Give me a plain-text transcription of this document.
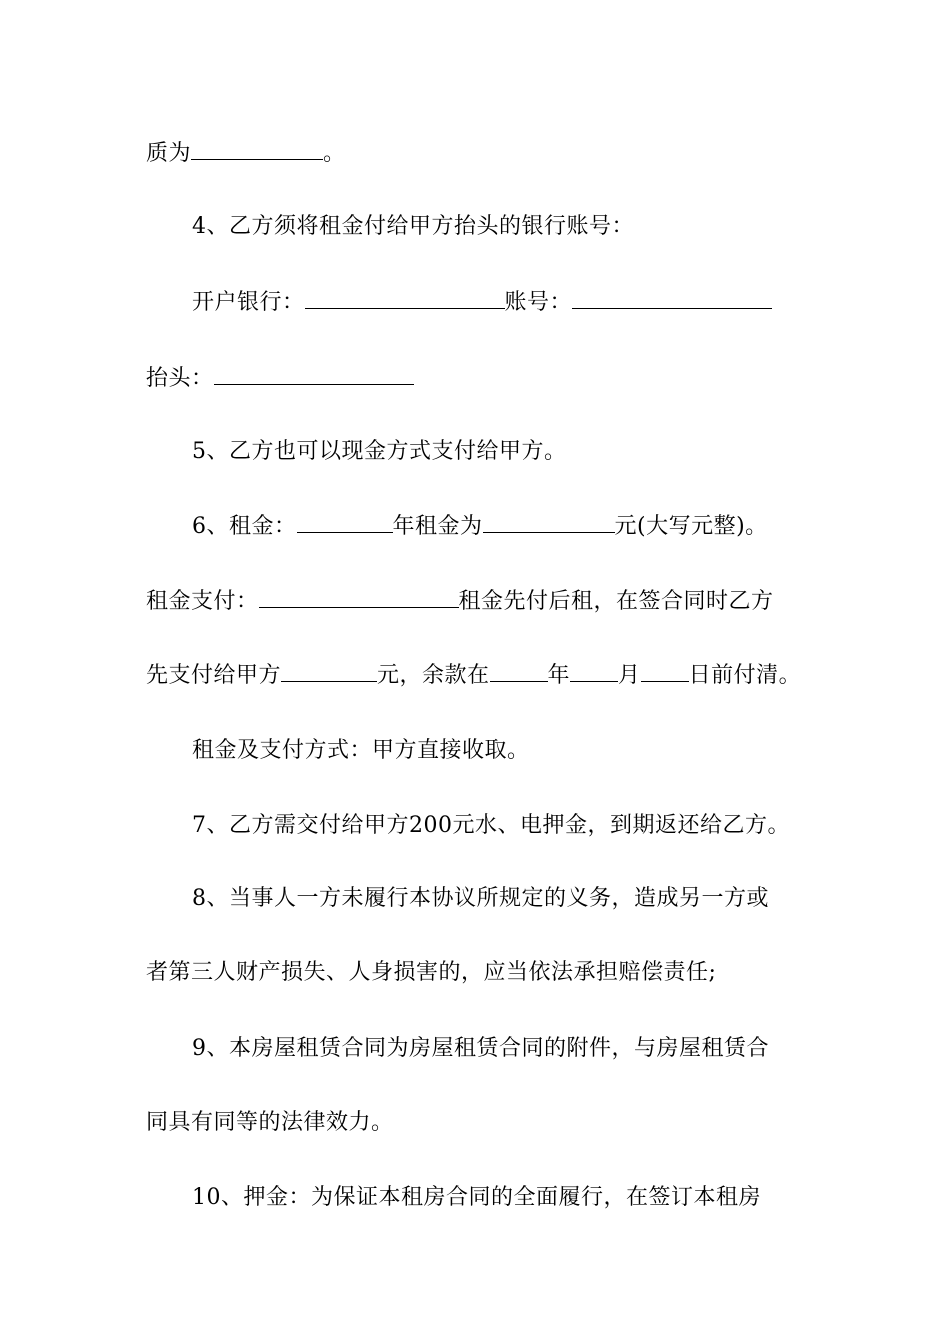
质为	。
4、乙方须将租金付给甲方抬头的银行账号：
开户银行：	账号：
抬头：
5、乙方也可以现金方式支付给甲方。
6、租金：	年租金为	元(大写元整)。
租金支付：	租金先付后租，在签合同时乙方
先支付给甲方	元，余款在	年 月 日前付清。
租金及支付方式：甲方直接收取。
7、乙方需交付给甲方200元水、电押金，到期返还给乙方。
8、当事人一方未履行本协议所规定的义务，造成另一方或
者第三人财产损失、人身损害的，应当依法承担赔偿责任;
9、本房屋租赁合同为房屋租赁合同的附件，与房屋租赁合
同具有同等的法律效力。
10、押金：为保证本租房合同的全面履行，在签订本租房
